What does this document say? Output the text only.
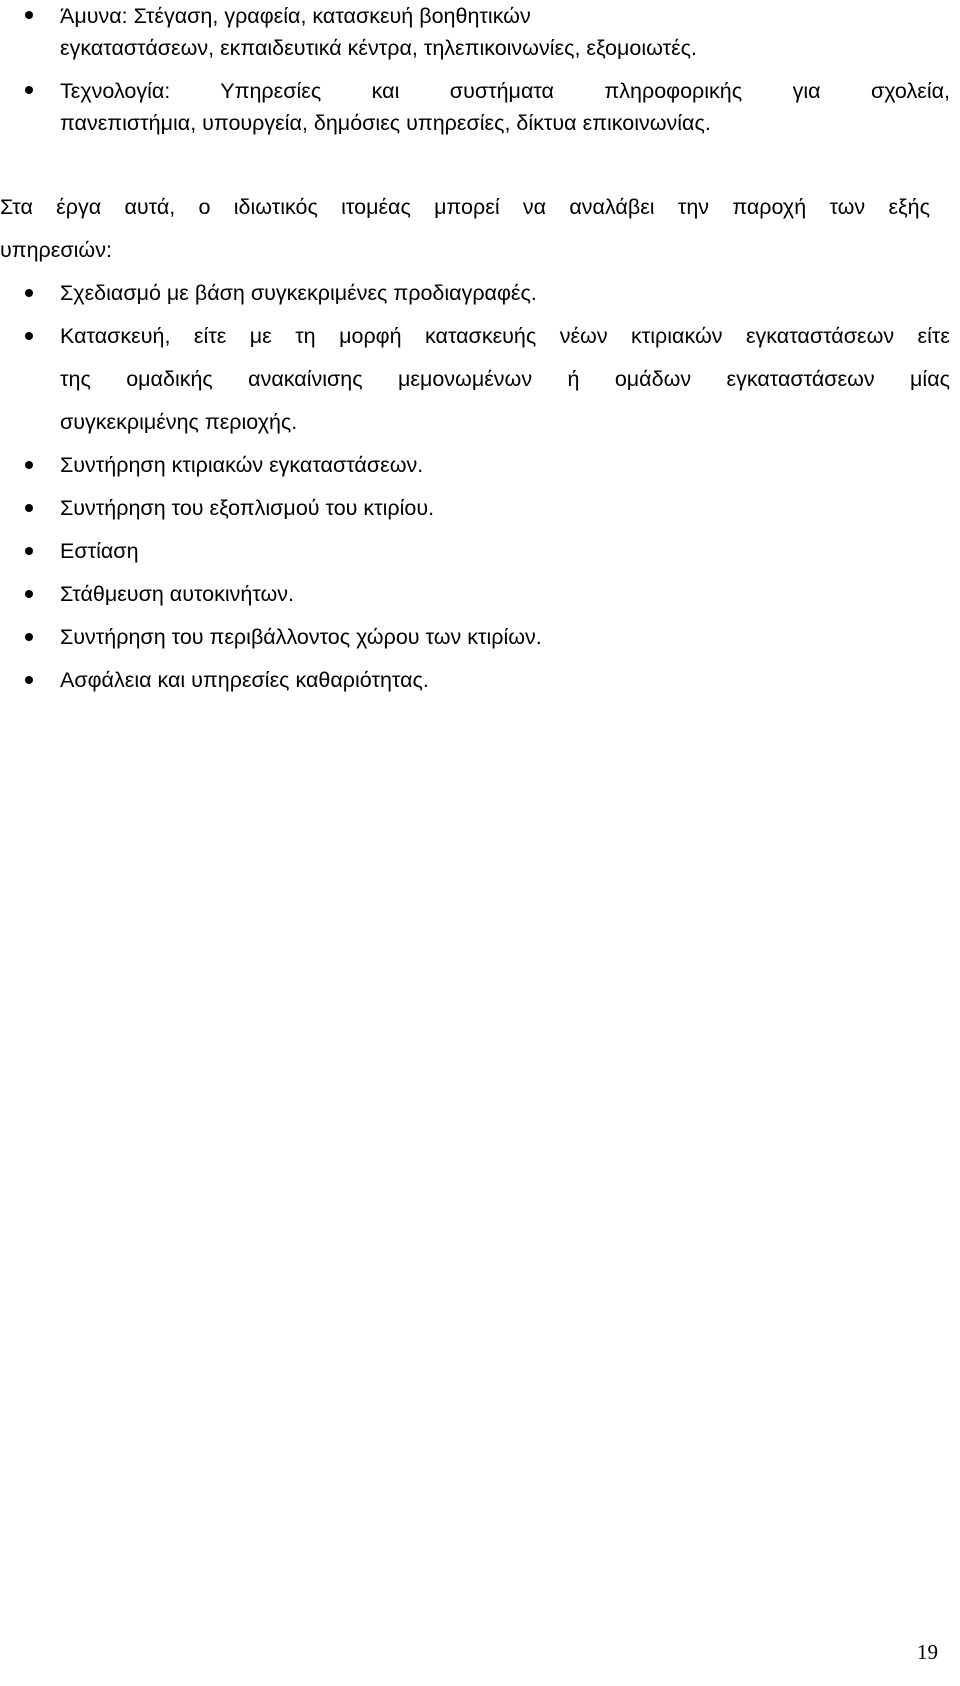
Άμυνα: Στέγαση, γραφεία, κατασκευή βοηθητικών
εγκαταστάσεων, εκπαιδευτικά κέντρα, τηλεπικοινωνίες, εξομοιωτές.
Τεχνολογία: Υπηρεσίες και συστήματα πληροφορικής για σχολεία,
πανεπιστήμια, υπουργεία, δημόσιες υπηρεσίες, δίκτυα επικοινωνίας.
Στα έργα αυτά, ο ιδιωτικός ιτομέας μπορεί να αναλάβει την παροχή των εξής
υπηρεσιών:
Σχεδιασμό με βάση συγκεκριμένες προδιαγραφές.
Κατασκευή, είτε με τη μορφή κατασκευής νέων κτιριακών εγκαταστάσεων είτε
της ομαδικής ανακαίνισης μεμονωμένων ή ομάδων εγκαταστάσεων μίας
συγκεκριμένης περιοχής.
Συντήρηση κτιριακών εγκαταστάσεων.
Συντήρηση του εξοπλισμού του κτιρίου.
Εστίαση
Στάθμευση αυτοκινήτων.
Συντήρηση του περιβάλλοντος χώρου των κτιρίων.
Ασφάλεια και υπηρεσίες καθαριότητας.
19
